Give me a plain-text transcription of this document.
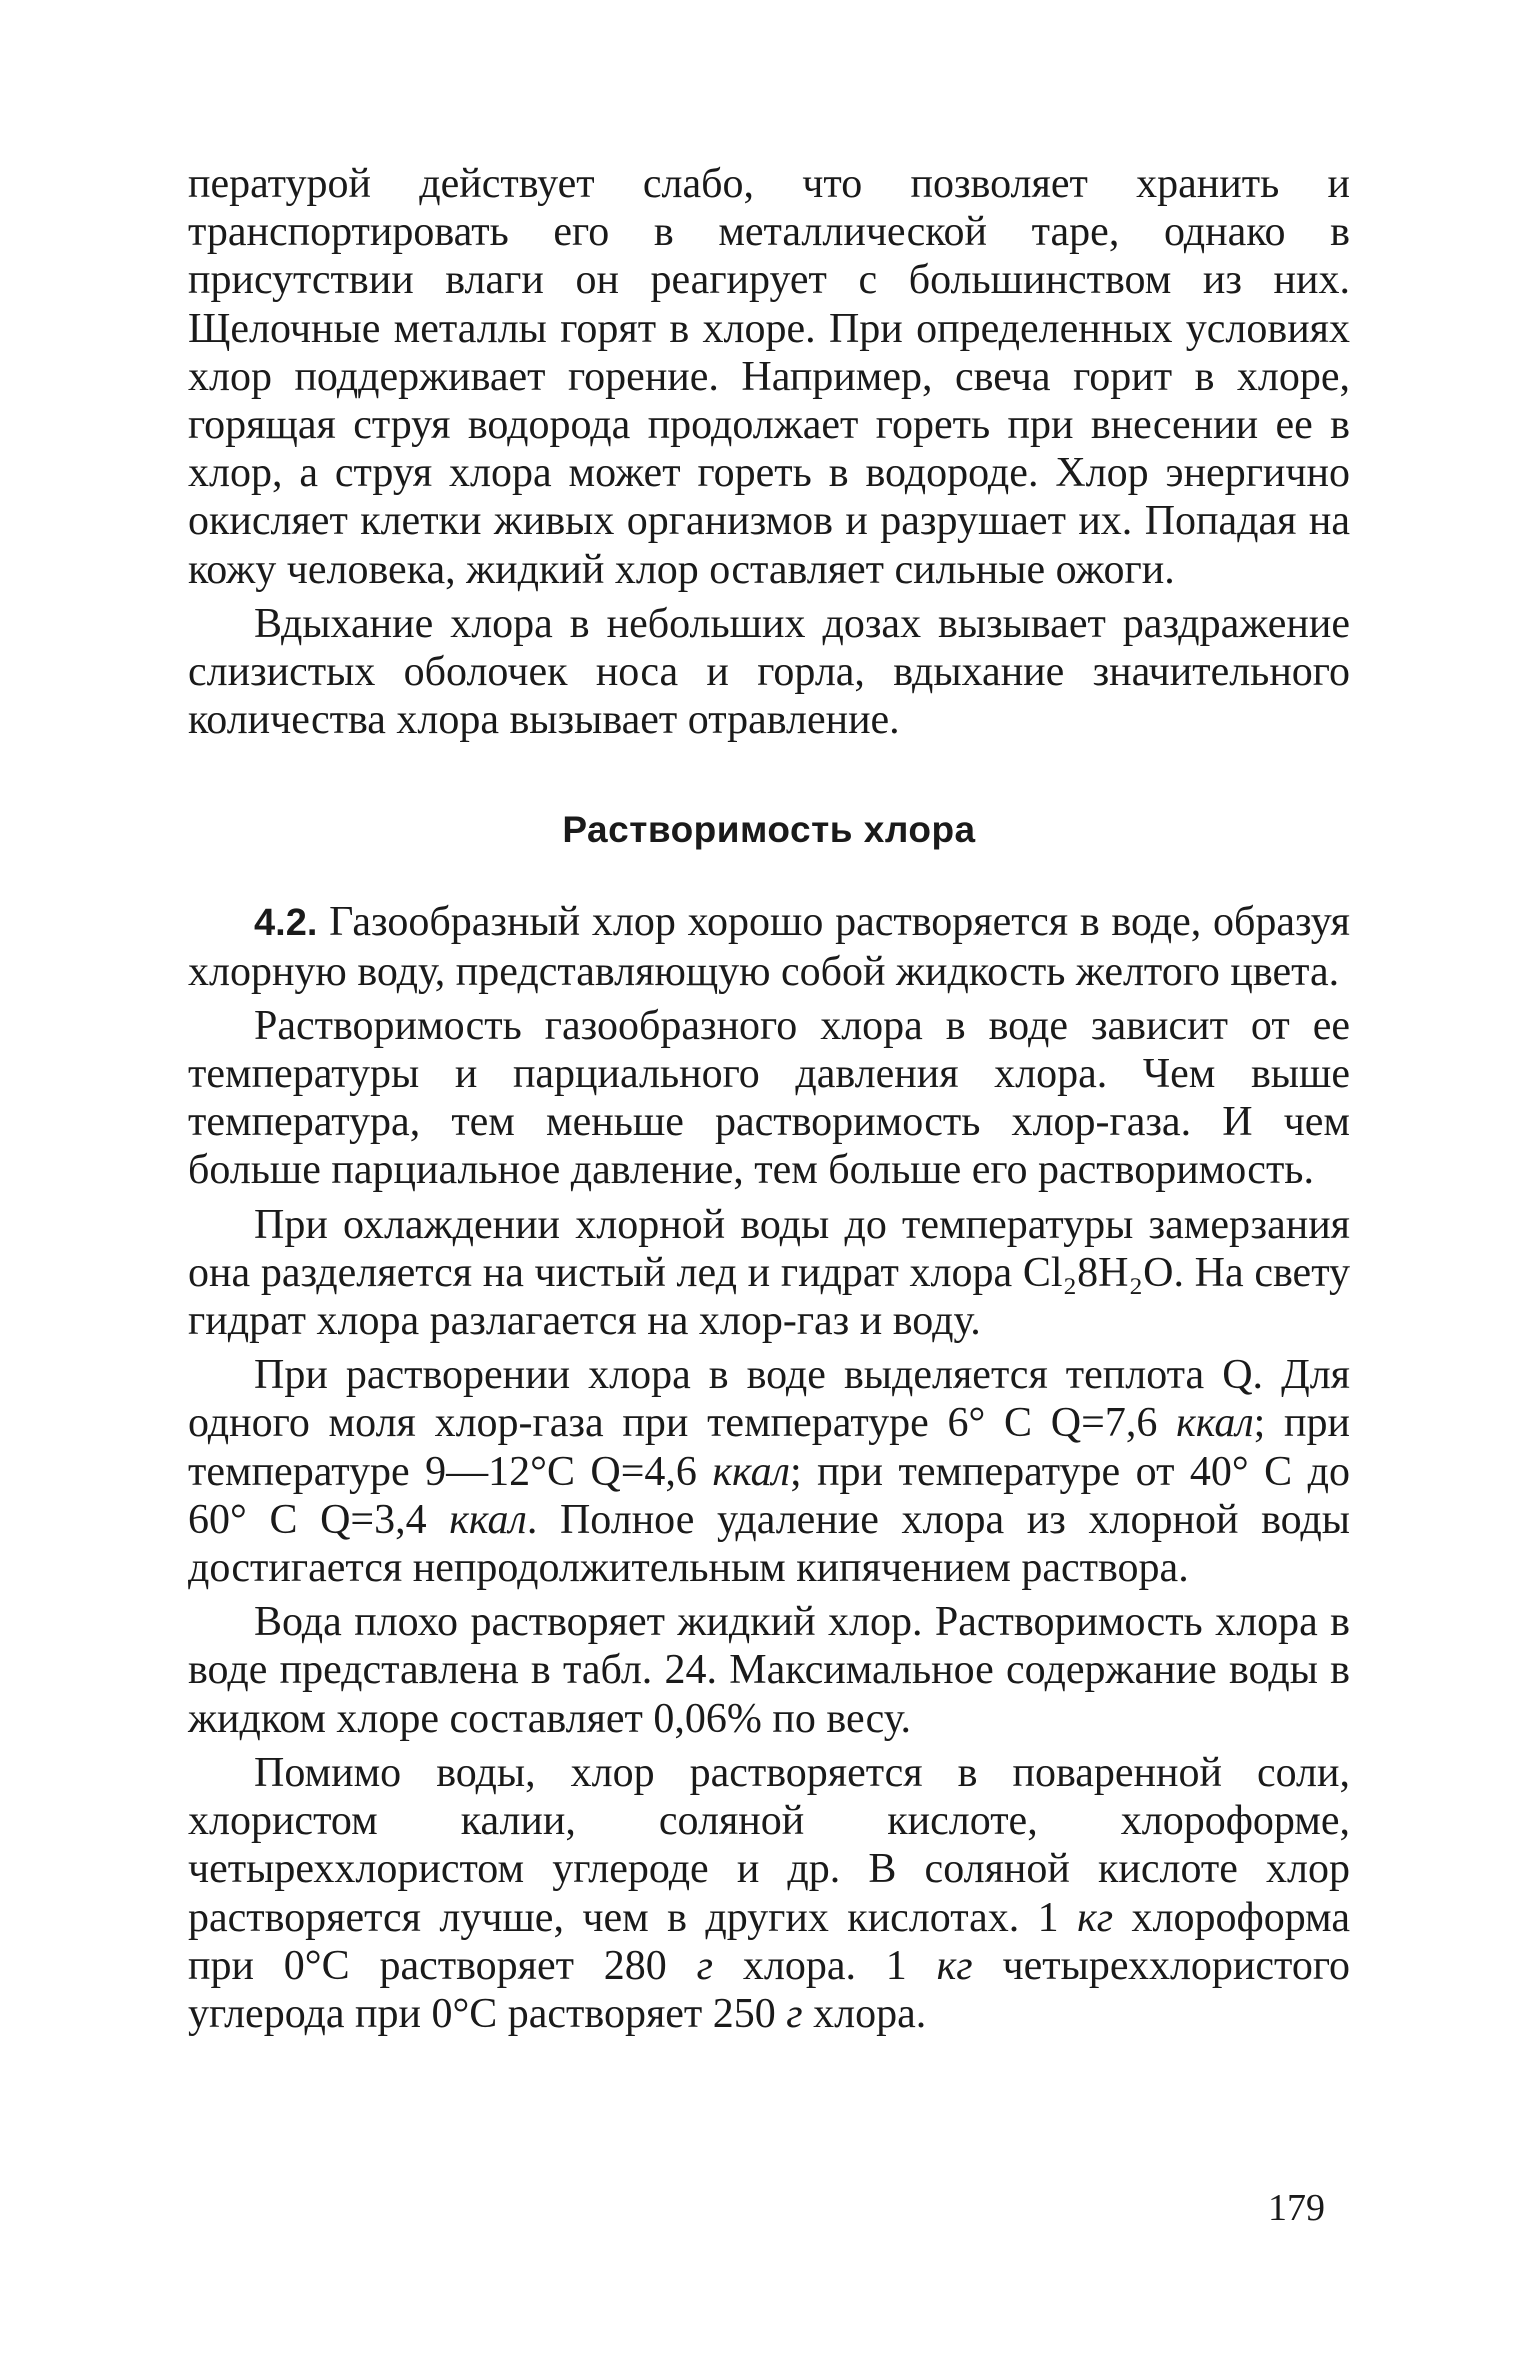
пературой действует слабо, что позволяет хранить и транспортировать его в металлической таре, однако в присутствии влаги он реагирует с большинством из них. Щелочные металлы горят в хлоре. При определенных условиях хлор поддерживает горение. Например, свеча горит в хлоре, горящая струя водорода продолжает гореть при внесении ее в хлор, а струя хлора может гореть в водороде. Хлор энергично окисляет клетки живых организмов и разрушает их. Попадая на кожу человека, жидкий хлор оставляет сильные ожоги.

Вдыхание хлора в небольших дозах вызывает раздражение слизистых оболочек носа и горла, вдыхание значительного количества хлора вызывает отравление.

Растворимость хлора

4.2. Газообразный хлор хорошо растворяется в воде, образуя хлорную воду, представляющую собой жидкость желтого цвета.

Растворимость газообразного хлора в воде зависит от ее температуры и парциального давления хлора. Чем выше температура, тем меньше растворимость хлор-газа. И чем больше парциальное давление, тем больше его растворимость.

При охлаждении хлорной воды до температуры замерзания она разделяется на чистый лед и гидрат хлора Cl₂8H₂O. На свету гидрат хлора разлагается на хлор-газ и воду.

При растворении хлора в воде выделяется теплота Q. Для одного моля хлор-газа при температуре 6° С Q=7,6 ккал; при температуре 9—12°С Q=4,6 ккал; при температуре от 40° С до 60° С Q=3,4 ккал. Полное удаление хлора из хлорной воды достигается непродолжительным кипячением раствора.

Вода плохо растворяет жидкий хлор. Растворимость хлора в воде представлена в табл. 24. Максимальное содержание воды в жидком хлоре составляет 0,06% по весу.

Помимо воды, хлор растворяется в поваренной соли, хлористом калии, соляной кислоте, хлороформе, четыреххлористом углероде и др. В соляной кислоте хлор растворяется лучше, чем в других кислотах. 1 кг хлороформа при 0°С растворяет 280 г хлора. 1 кг четыреххлористого углерода при 0°С растворяет 250 г хлора.

179
